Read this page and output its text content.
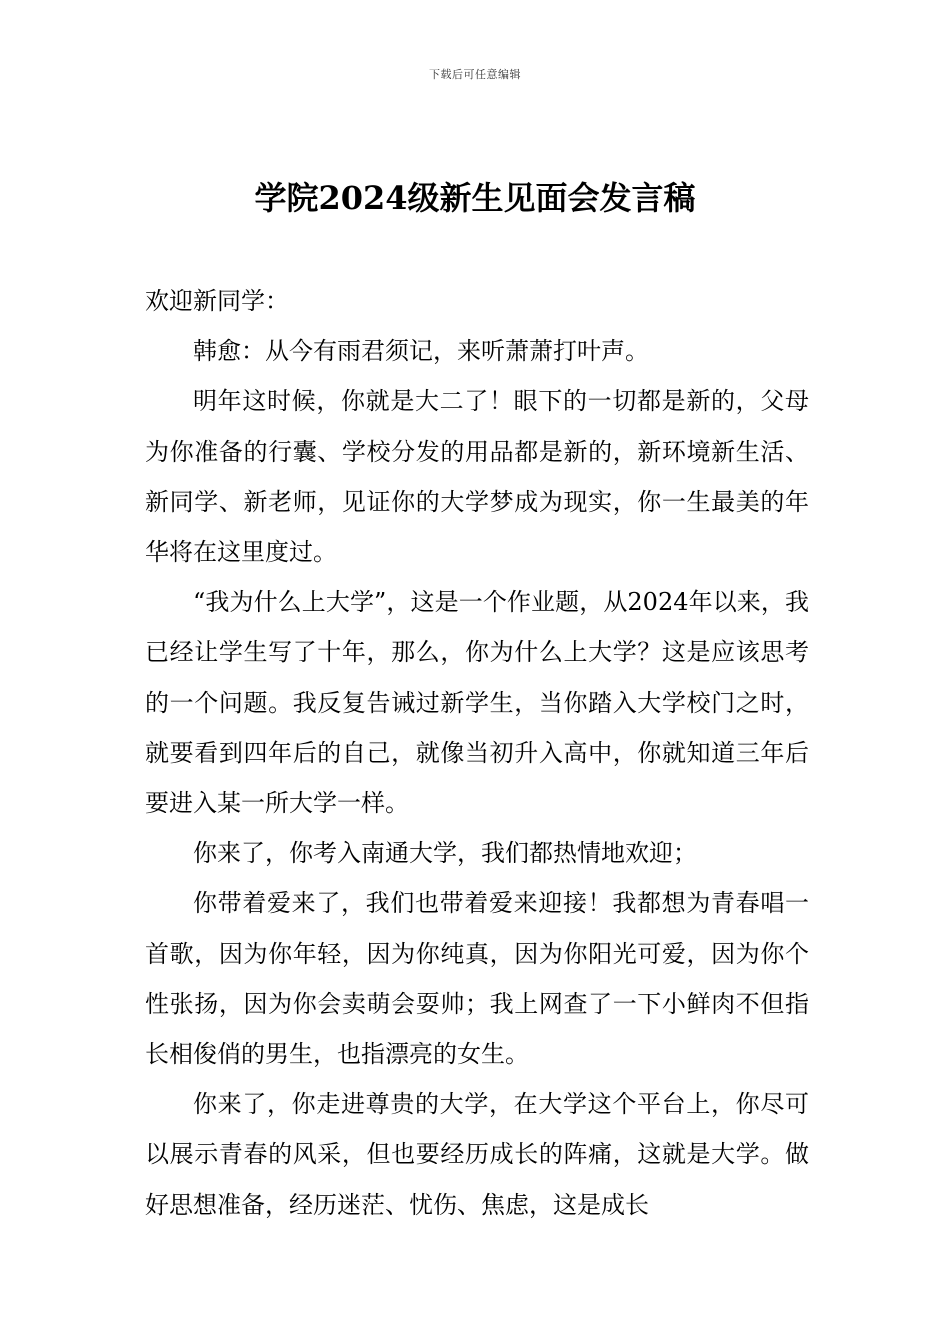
下载后可任意编辑
学院2024级新生见面会发言稿

欢迎新同学：

韩愈：从今有雨君须记，来听萧萧打叶声。

明年这时候，你就是大二了！眼下的一切都是新的，父母为你准备的行囊、学校分发的用品都是新的，新环境新生活、新同学、新老师，见证你的大学梦成为现实，你一生最美的年华将在这里度过。

“我为什么上大学”，这是一个作业题，从2024年以来，我已经让学生写了十年，那么，你为什么上大学？这是应该思考的一个问题。我反复告诫过新学生，当你踏入大学校门之时，就要看到四年后的自己，就像当初升入高中，你就知道三年后要进入某一所大学一样。

你来了，你考入南通大学，我们都热情地欢迎；

你带着爱来了，我们也带着爱来迎接！我都想为青春唱一首歌，因为你年轻，因为你纯真，因为你阳光可爱，因为你个性张扬，因为你会卖萌会耍帅；我上网查了一下小鲜肉不但指长相俊俏的男生，也指漂亮的女生。

你来了，你走进尊贵的大学，在大学这个平台上，你尽可以展示青春的风采，但也要经历成长的阵痛，这就是大学。做好思想准备，经历迷茫、忧伤、焦虑，这是成长
